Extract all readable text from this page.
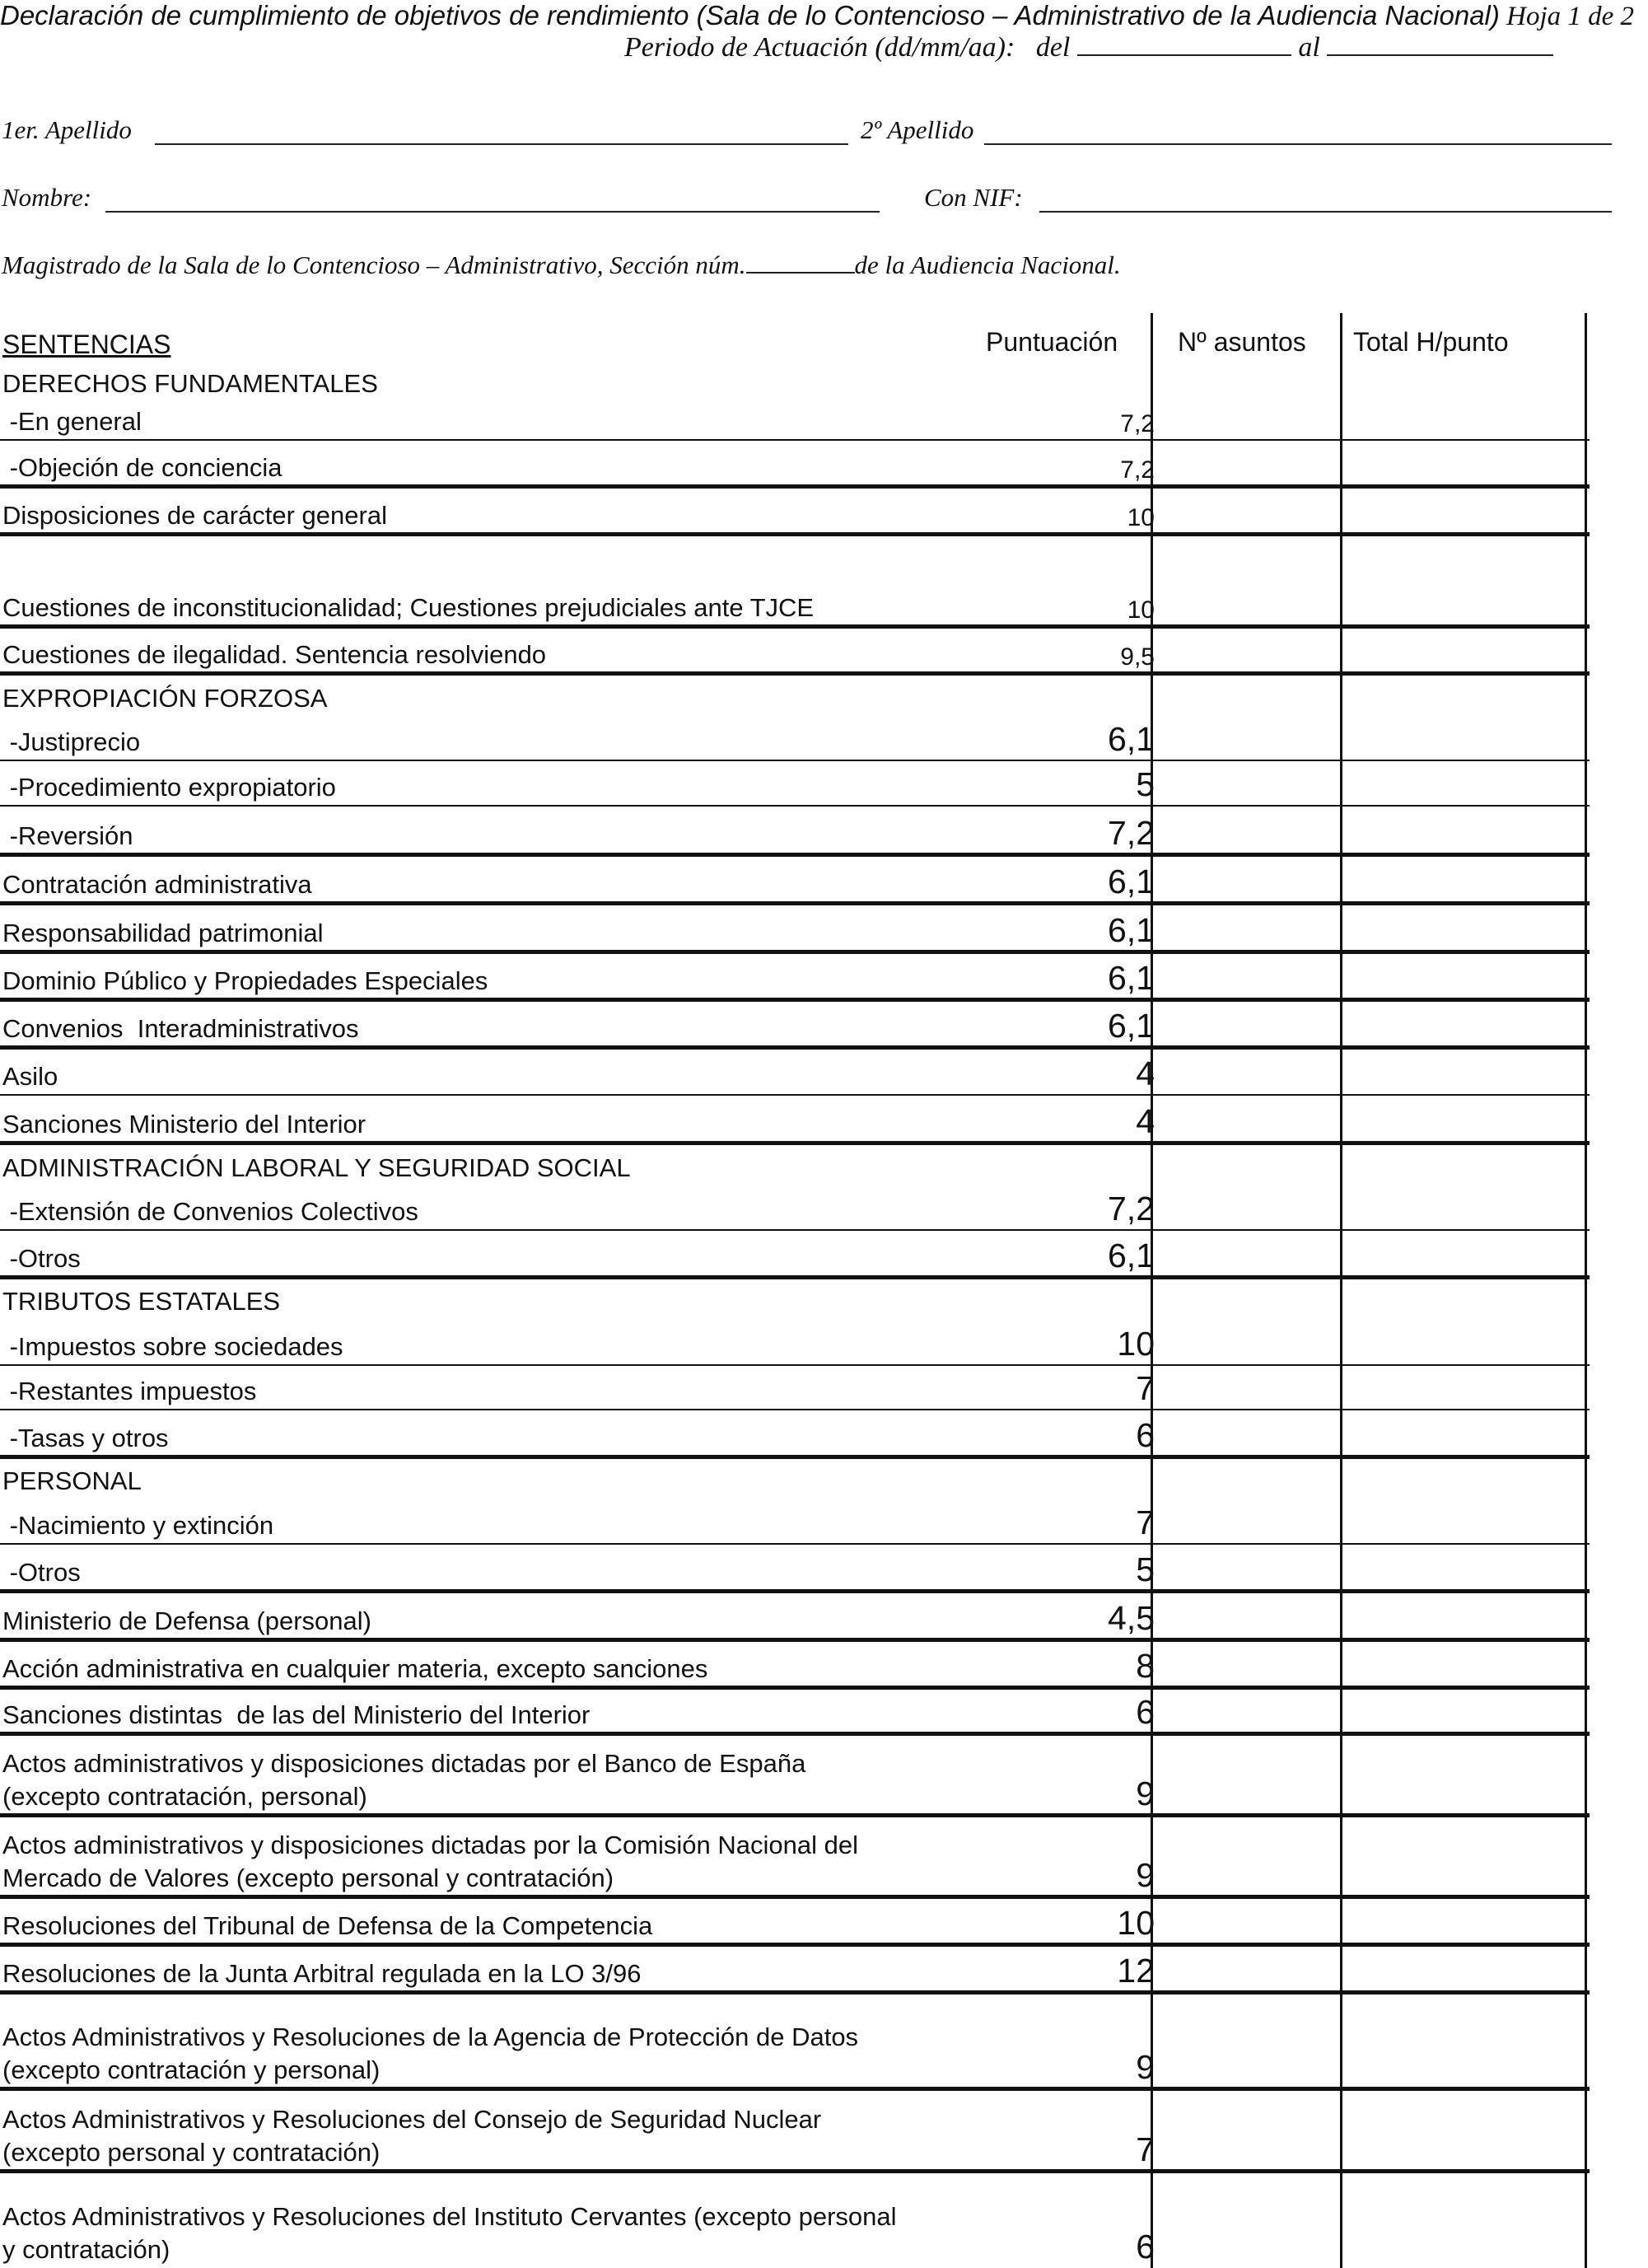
Declaración de cumplimiento de objetivos de rendimiento (Sala de lo Contencioso – Administrativo de la Audiencia Nacional) Hoja 1 de 2
Periodo de Actuación (dd/mm/aa): del	al
1er. Apellido	2º Apellido
Nombre:	Con NIF:
Magistrado de la Sala de lo Contencioso – Administrativo, Sección núm.	de la Audiencia Nacional.
SENTENCIAS	Puntuación Nº asuntos Total H/punto
DERECHOS FUNDAMENTALES
-En general	7,2
-Objeción de conciencia	7,2
Disposiciones de carácter general	10
Cuestiones de inconstitucionalidad; Cuestiones prejudiciales ante TJCE	10
Cuestiones de ilegalidad. Sentencia resolviendo	9,5
EXPROPIACIÓN FORZOSA
-Justiprecio	6,1
-Procedimiento expropiatorio	5
-Reversión	7,2
Contratación administrativa	6,1
Responsabilidad patrimonial	6,1
Dominio Público y Propiedades Especiales	6,1
Convenios  Interadministrativos	6,1
Asilo	4
Sanciones Ministerio del Interior	4
ADMINISTRACIÓN LABORAL Y SEGURIDAD SOCIAL
-Extensión de Convenios Colectivos	7,2
-Otros	6,1
TRIBUTOS ESTATALES
-Impuestos sobre sociedades	10
-Restantes impuestos	7
-Tasas y otros	6
PERSONAL
-Nacimiento y extinción	7
-Otros	5
Ministerio de Defensa (personal)	4,5
Acción administrativa en cualquier materia, excepto sanciones	8
Sanciones distintas  de las del Ministerio del Interior	6
Actos administrativos y disposiciones dictadas por el Banco de España
(excepto contratación, personal)	9
Actos administrativos y disposiciones dictadas por la Comisión Nacional del
Mercado de Valores (excepto personal y contratación)	9
Resoluciones del Tribunal de Defensa de la Competencia	10
Resoluciones de la Junta Arbitral regulada en la LO 3/96	12
Actos Administrativos y Resoluciones de la Agencia de Protección de Datos
(excepto contratación y personal)	9
Actos Administrativos y Resoluciones del Consejo de Seguridad Nuclear
(excepto personal y contratación)	7
Actos Administrativos y Resoluciones del Instituto Cervantes (excepto personal
y contratación)	6
